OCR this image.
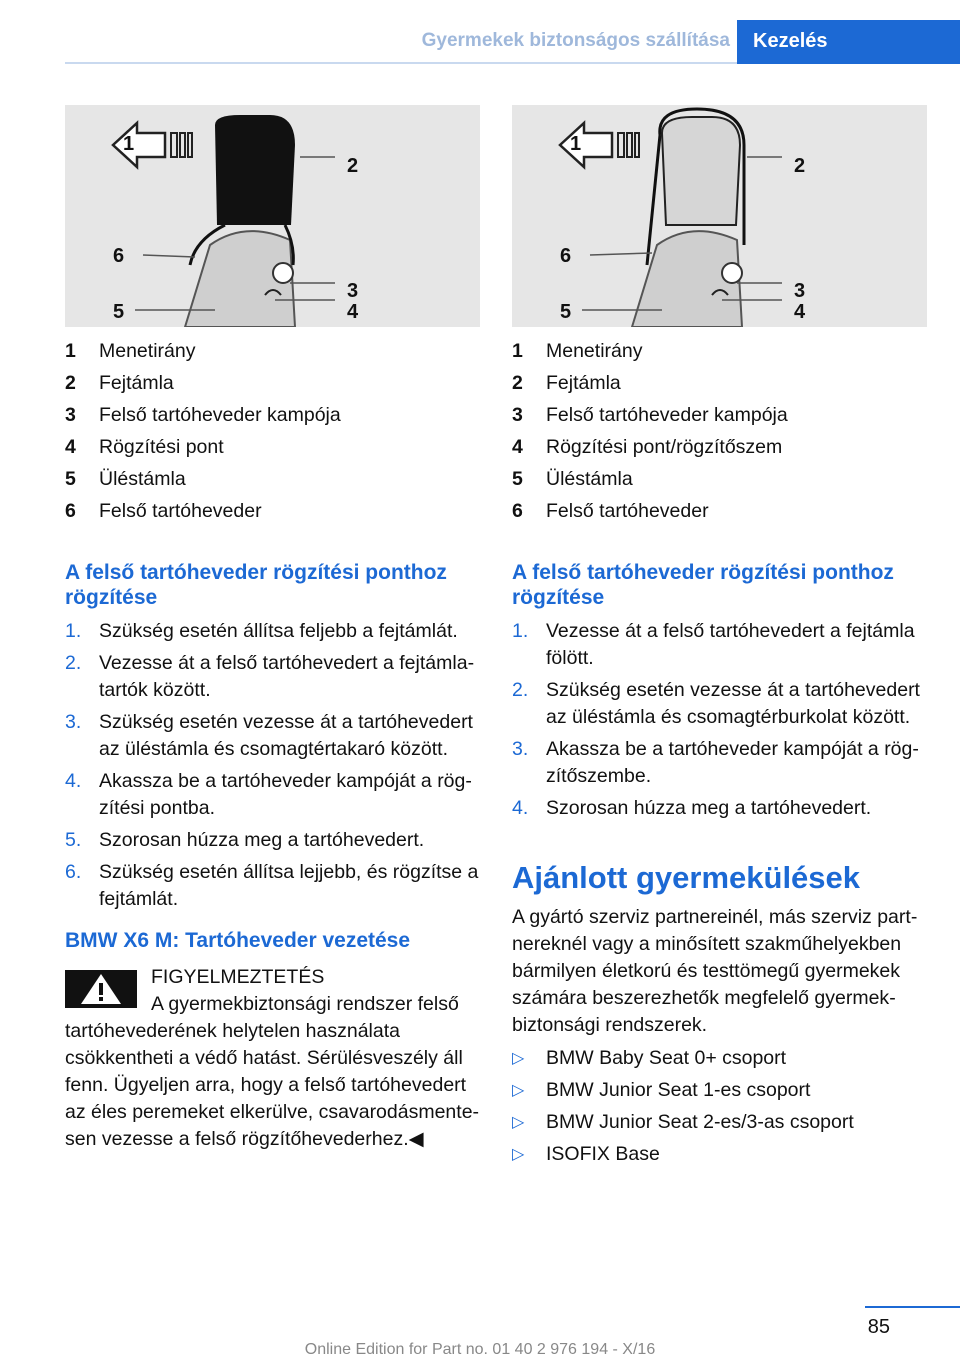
Gyermekek biztonságos szállítása	Kezelés
1
2
6
3
5	4
1	Menetirány
2	Fejtámla
3	Felső tartóheveder kampója
4	Rögzítési pont
5	Üléstámla
6	Felső tartóheveder
A felső tartóheveder rögzítési ponthoz rögzítése
1. Szükség esetén állítsa feljebb a fejtámlát.
2. Vezesse át a felső tartóhevedert a fejtámlatartók között.
3. Szükség esetén vezesse át a tartóhevedert az üléstámla és csomagtértakaró között.
4. Akassza be a tartóheveder kampóját a rögzítési pontba.
5. Szorosan húzza meg a tartóhevedert.
6. Szükség esetén állítsa lejjebb, és rögzítse a fejtámlát.
BMW X6 M: Tartóheveder vezetése
FIGYELMEZTETÉS
A gyermekbiztonsági rendszer felső tartóhevederének helytelen használata csökkentheti a védő hatást. Sérülésveszély áll fenn. Ügyeljen arra, hogy a felső tartóhevedert az éles peremeket elkerülve, csavarodásmentesen vezesse a felső rögzítőhevederhez.◀
1
2
6
3
5	4
1	Menetirány
2	Fejtámla
3	Felső tartóheveder kampója
4	Rögzítési pont/rögzítőszem
5	Üléstámla
6	Felső tartóheveder
A felső tartóheveder rögzítési ponthoz rögzítése
1. Vezesse át a felső tartóhevedert a fejtámla fölött.
2. Szükség esetén vezesse át a tartóhevedert az üléstámla és csomagtérburkolat között.
3. Akassza be a tartóheveder kampóját a rögzítőszembe.
4. Szorosan húzza meg a tartóhevedert.
Ajánlott gyermekülések

A gyártó szerviz partnereinél, más szerviz partnereknél vagy a minősített szakműhelyekben bármilyen életkorú és testtömegű gyermekek számára beszerezhetők megfelelő gyermekbiztonsági rendszerek.

▷ BMW Baby Seat 0+ csoport
▷ BMW Junior Seat 1-es csoport
▷ BMW Junior Seat 2-es/3-as csoport
▷ ISOFIX Base
85
Online Edition for Part no. 01 40 2 976 194 - X/16
